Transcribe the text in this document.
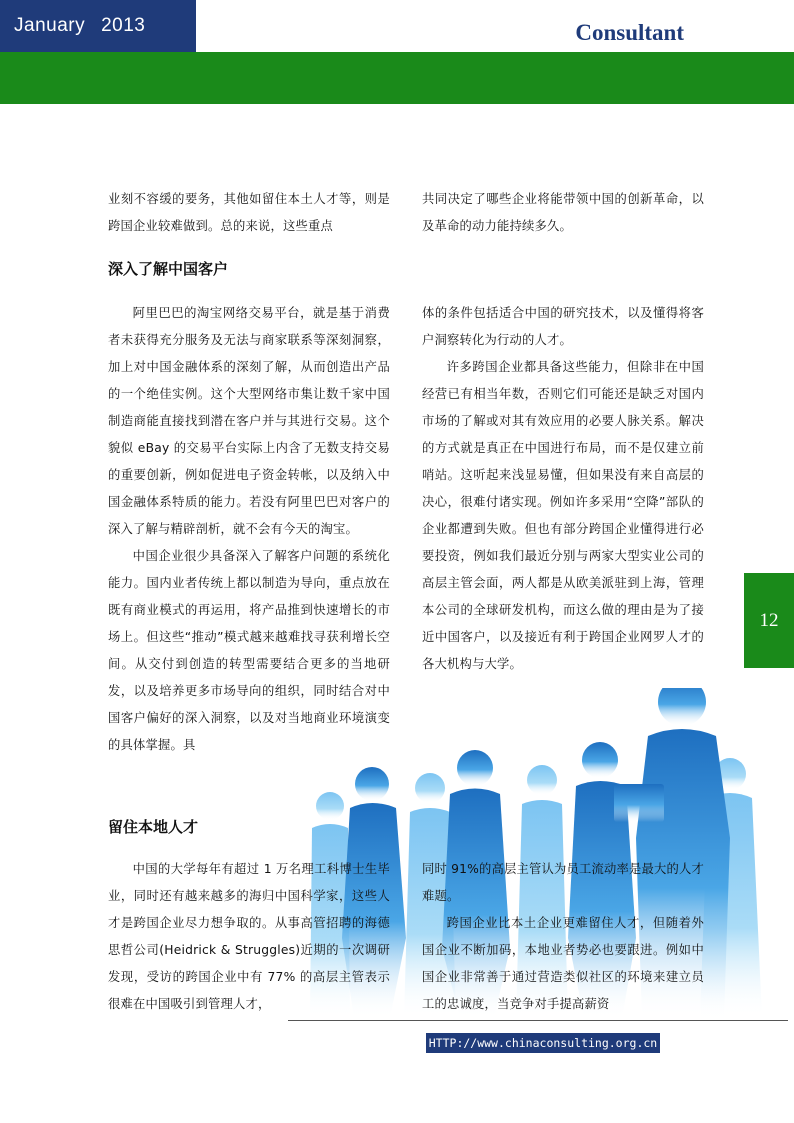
January 2013	Consultant
12

业刻不容缓的要务，其他如留住本土人才等，则是跨国企业较难做到。总的来说，这些重点

共同决定了哪些企业将能带领中国的创新革命，以及革命的动力能持续多久。

深入了解中国客户

阿里巴巴的淘宝网络交易平台，就是基于消费者未获得充分服务及无法与商家联系等深刻洞察，加上对中国金融体系的深刻了解，从而创造出产品的一个绝佳实例。这个大型网络市集让数千家中国制造商能直接找到潜在客户并与其进行交易。这个貌似 eBay 的交易平台实际上内含了无数支持交易的重要创新，例如促进电子资金转帐，以及纳入中国金融体系特质的能力。若没有阿里巴巴对客户的深入了解与精辟剖析，就不会有今天的淘宝。

中国企业很少具备深入了解客户问题的系统化能力。国内业者传统上都以制造为导向，重点放在既有商业模式的再运用，将产品推到快速增长的市场上。但这些“推动”模式越来越难找寻获利增长空间。从交付到创造的转型需要结合更多的当地研发，以及培养更多市场导向的组织，同时结合对中国客户偏好的深入洞察，以及对当地商业环境演变的具体掌握。具

体的条件包括适合中国的研究技术，以及懂得将客户洞察转化为行动的人才。

许多跨国企业都具备这些能力，但除非在中国经营已有相当年数，否则它们可能还是缺乏对国内市场的了解或对其有效应用的必要人脉关系。解决的方式就是真正在中国进行布局，而不是仅建立前哨站。这听起来浅显易懂，但如果没有来自高层的决心，很难付诸实现。例如许多采用“空降”部队的企业都遭到失败。但也有部分跨国企业懂得进行必要投资，例如我们最近分别与两家大型实业公司的高层主管会面，两人都是从欧美派驻到上海，管理本公司的全球研发机构，而这么做的理由是为了接近中国客户，以及接近有利于跨国企业网罗人才的各大机构与大学。

留住本地人才

中国的大学每年有超过 1 万名理工科博士生毕业，同时还有越来越多的海归中国科学家，这些人才是跨国企业尽力想争取的。从事高管招聘的海德思哲公司(Heidrick & Struggles)近期的一次调研发现，受访的跨国企业中有 77% 的高层主管表示很难在中国吸引到管理人才，

同时 91%的高层主管认为员工流动率是最大的人才难题。

跨国企业比本土企业更难留住人才，但随着外国企业不断加码，本地业者势必也要跟进。例如中国企业非常善于通过营造类似社区的环境来建立员工的忠诚度，当竞争对手提高薪资

HTTP://www.chinaconsulting.org.cn
